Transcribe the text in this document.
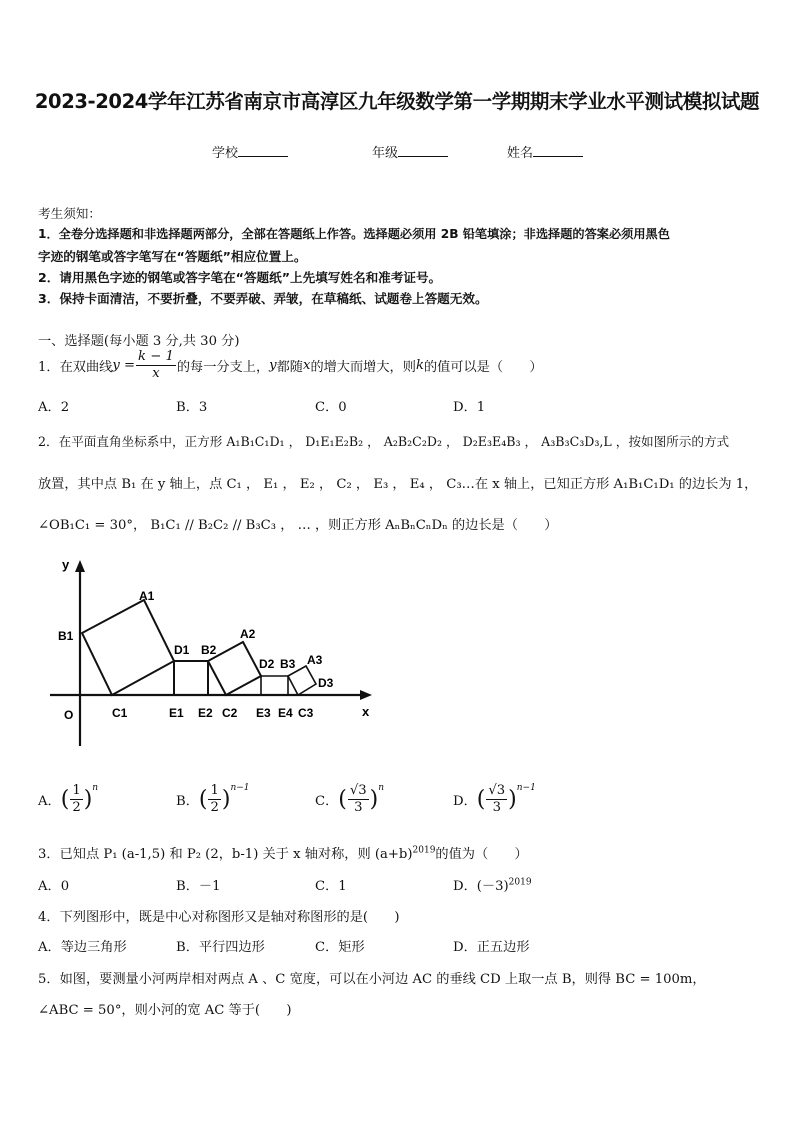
2023-2024学年江苏省南京市高淳区九年级数学第一学期期末学业水平测试模拟试题
学校	年级	姓名
考生须知：
1．全卷分选择题和非选择题两部分，全部在答题纸上作答。选择题必须用 2B 铅笔填涂；非选择题的答案必须用黑色
字迹的钢笔或答字笔写在“答题纸”相应位置上。
2．请用黑色字迹的钢笔或答字笔在“答题纸”上先填写姓名和准考证号。
3．保持卡面清洁，不要折叠，不要弄破、弄皱，在草稿纸、试题卷上答题无效。
一、选择题(每小题 3 分,共 30 分)
1．在双曲线 $y = \frac{k - 1}{x}$ 的每一分支上， y 都随 x 的增大而增大，则 k 的值可以是（　　）
A．2	B．3	C．0	D．1
2．在平面直角坐标系中，正方形 A₁B₁C₁D₁ ， D₁E₁E₂B₂ ， A₂B₂C₂D₂ ， D₂E₃E₄B₃ ， A₃B₃C₃D₃,L ，按如图所示的方式
放置，其中点 B₁ 在 y 轴上，点 C₁ ， E₁ ， E₂ ， C₂ ， E₃ ， E₄ ， C₃…在 x 轴上，已知正方形 A₁B₁C₁D₁ 的边长为 1，
∠OB₁C₁ = 30°， B₁C₁ // B₂C₂ // B₃C₃ ， … ，则正方形 AₙBₙCₙDₙ 的边长是（　　）
y
x
O
A1
B1
C1
D1
E1 E2
B2
A2
C2
D2
E3 E4
B3 A3
C3
D3
A． ( $\frac{1}{2} )^n$
B． ( $\frac{1}{2} )^{n-1}$
C． ( $\frac{√3}{3} )^n$
D． ( $\frac{√3}{3} )^{n-1}$
3．已知点 P₁ (a-1,5) 和 P₂ (2，b-1) 关于 x 轴对称，则 $(a+b)^{2019}$的值为（　　）
A．0	B．－1	C．1	D．$(-3)^{2019}$
4．下列图形中，既是中心对称图形又是轴对称图形的是(　　)
A．等边三角形	B．平行四边形	C．矩形	D．正五边形
5．如图，要测量小河两岸相对两点 A 、C 宽度，可以在小河边 AC 的垂线 CD 上取一点 B，则得 BC = 100m，
∠ABC = 50°，则小河的宽 AC 等于(　　)
